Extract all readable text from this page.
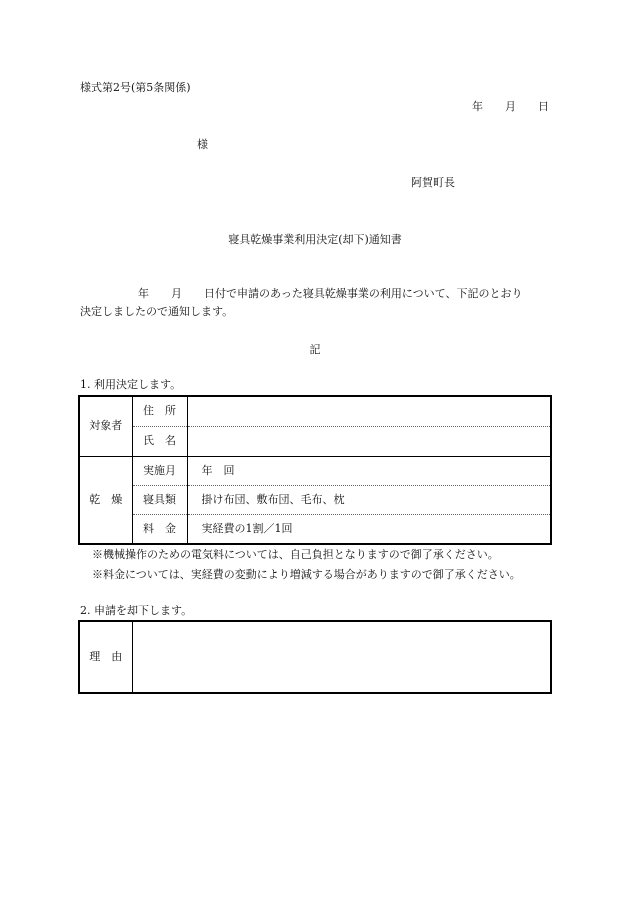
様式第2号(第5条関係)
年　　月　　日
様
阿賀町長
寝具乾燥事業利用決定(却下)通知書
年　　月　　日付で申請のあった寝具乾燥事業の利用について、下記のとおり
決定しましたので通知します。
記
1. 利用決定します。
対象者	住　所	
	氏　名	
乾　燥	実施月	年　回
	寝具類	掛け布団、敷布団、毛布、枕
	料　金	実経費の1割／1回
※機械操作のための電気料については、自己負担となりますので御了承ください。
※料金については、実経費の変動により増減する場合がありますので御了承ください。
2. 申請を却下します。
理　由	
